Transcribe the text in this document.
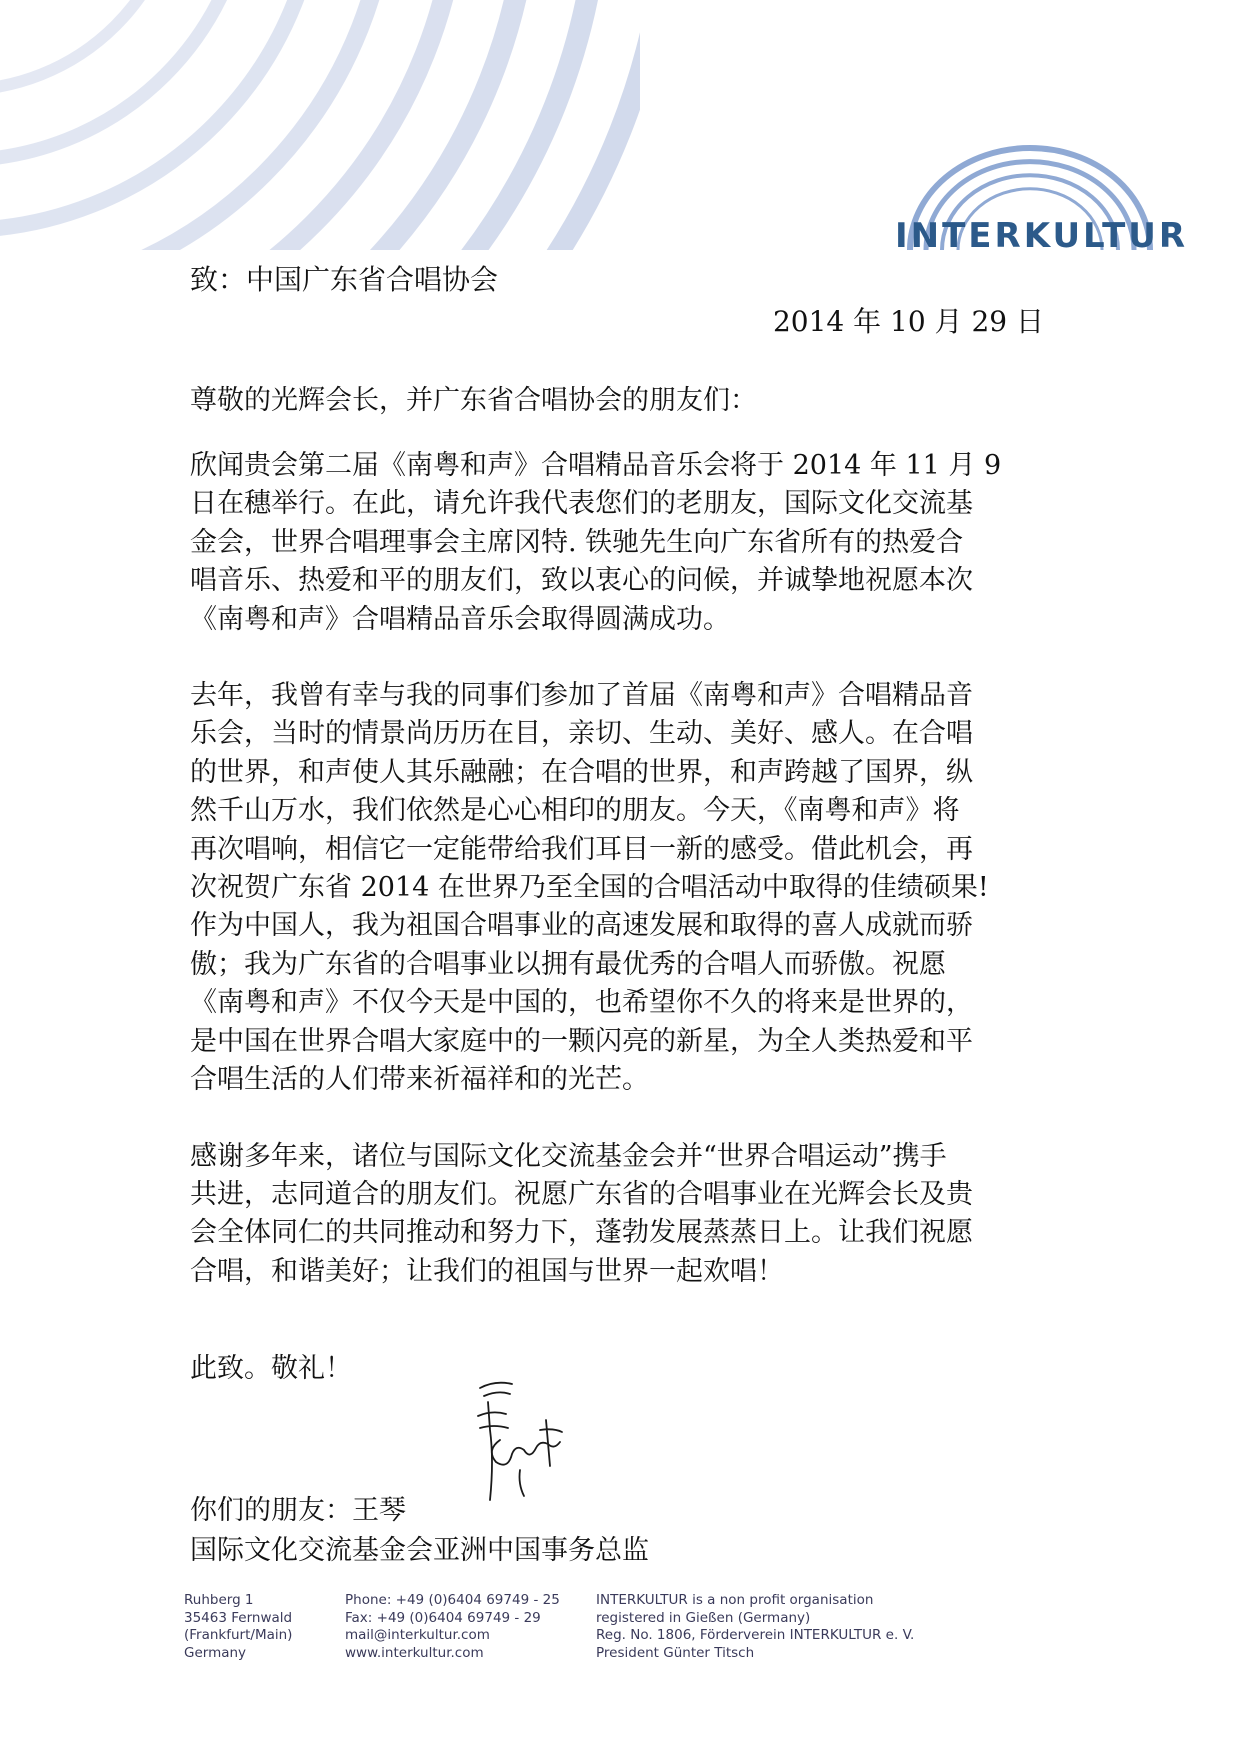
INTERKULTUR
致：中国广东省合唱协会
2014 年 10 月 29 日
尊敬的光辉会长，并广东省合唱协会的朋友们：
欣闻贵会第二届《南粤和声》合唱精品音乐会将于 2014 年 11 月 9
日在穗举行。在此，请允许我代表您们的老朋友，国际文化交流基
金会，世界合唱理事会主席冈特. 铁驰先生向广东省所有的热爱合
唱音乐、热爱和平的朋友们，致以衷心的问候，并诚挚地祝愿本次
《南粤和声》合唱精品音乐会取得圆满成功。
去年，我曾有幸与我的同事们参加了首届《南粤和声》合唱精品音
乐会，当时的情景尚历历在目，亲切、生动、美好、感人。在合唱
的世界，和声使人其乐融融；在合唱的世界，和声跨越了国界，纵
然千山万水，我们依然是心心相印的朋友。今天，《南粤和声》将
再次唱响，相信它一定能带给我们耳目一新的感受。借此机会，再
次祝贺广东省 2014 在世界乃至全国的合唱活动中取得的佳绩硕果!
作为中国人，我为祖国合唱事业的高速发展和取得的喜人成就而骄
傲；我为广东省的合唱事业以拥有最优秀的合唱人而骄傲。祝愿
《南粤和声》不仅今天是中国的，也希望你不久的将来是世界的，
是中国在世界合唱大家庭中的一颗闪亮的新星，为全人类热爱和平
合唱生活的人们带来祈福祥和的光芒。
感谢多年来，诸位与国际文化交流基金会并“世界合唱运动”携手
共进，志同道合的朋友们。祝愿广东省的合唱事业在光辉会长及贵
会全体同仁的共同推动和努力下，蓬勃发展蒸蒸日上。让我们祝愿
合唱，和谐美好；让我们的祖国与世界一起欢唱！
此致。敬礼！
你们的朋友：王琴
国际文化交流基金会亚洲中国事务总监
Ruhberg 1
35463 Fernwald
(Frankfurt/Main)
Germany
Phone: +49 (0)6404 69749 - 25
Fax: +49 (0)6404 69749 - 29
mail@interkultur.com
www.interkultur.com
INTERKULTUR is a non profit organisation
registered in Gießen (Germany)
Reg. No. 1806, Förderverein INTERKULTUR e. V.
President Günter Titsch
